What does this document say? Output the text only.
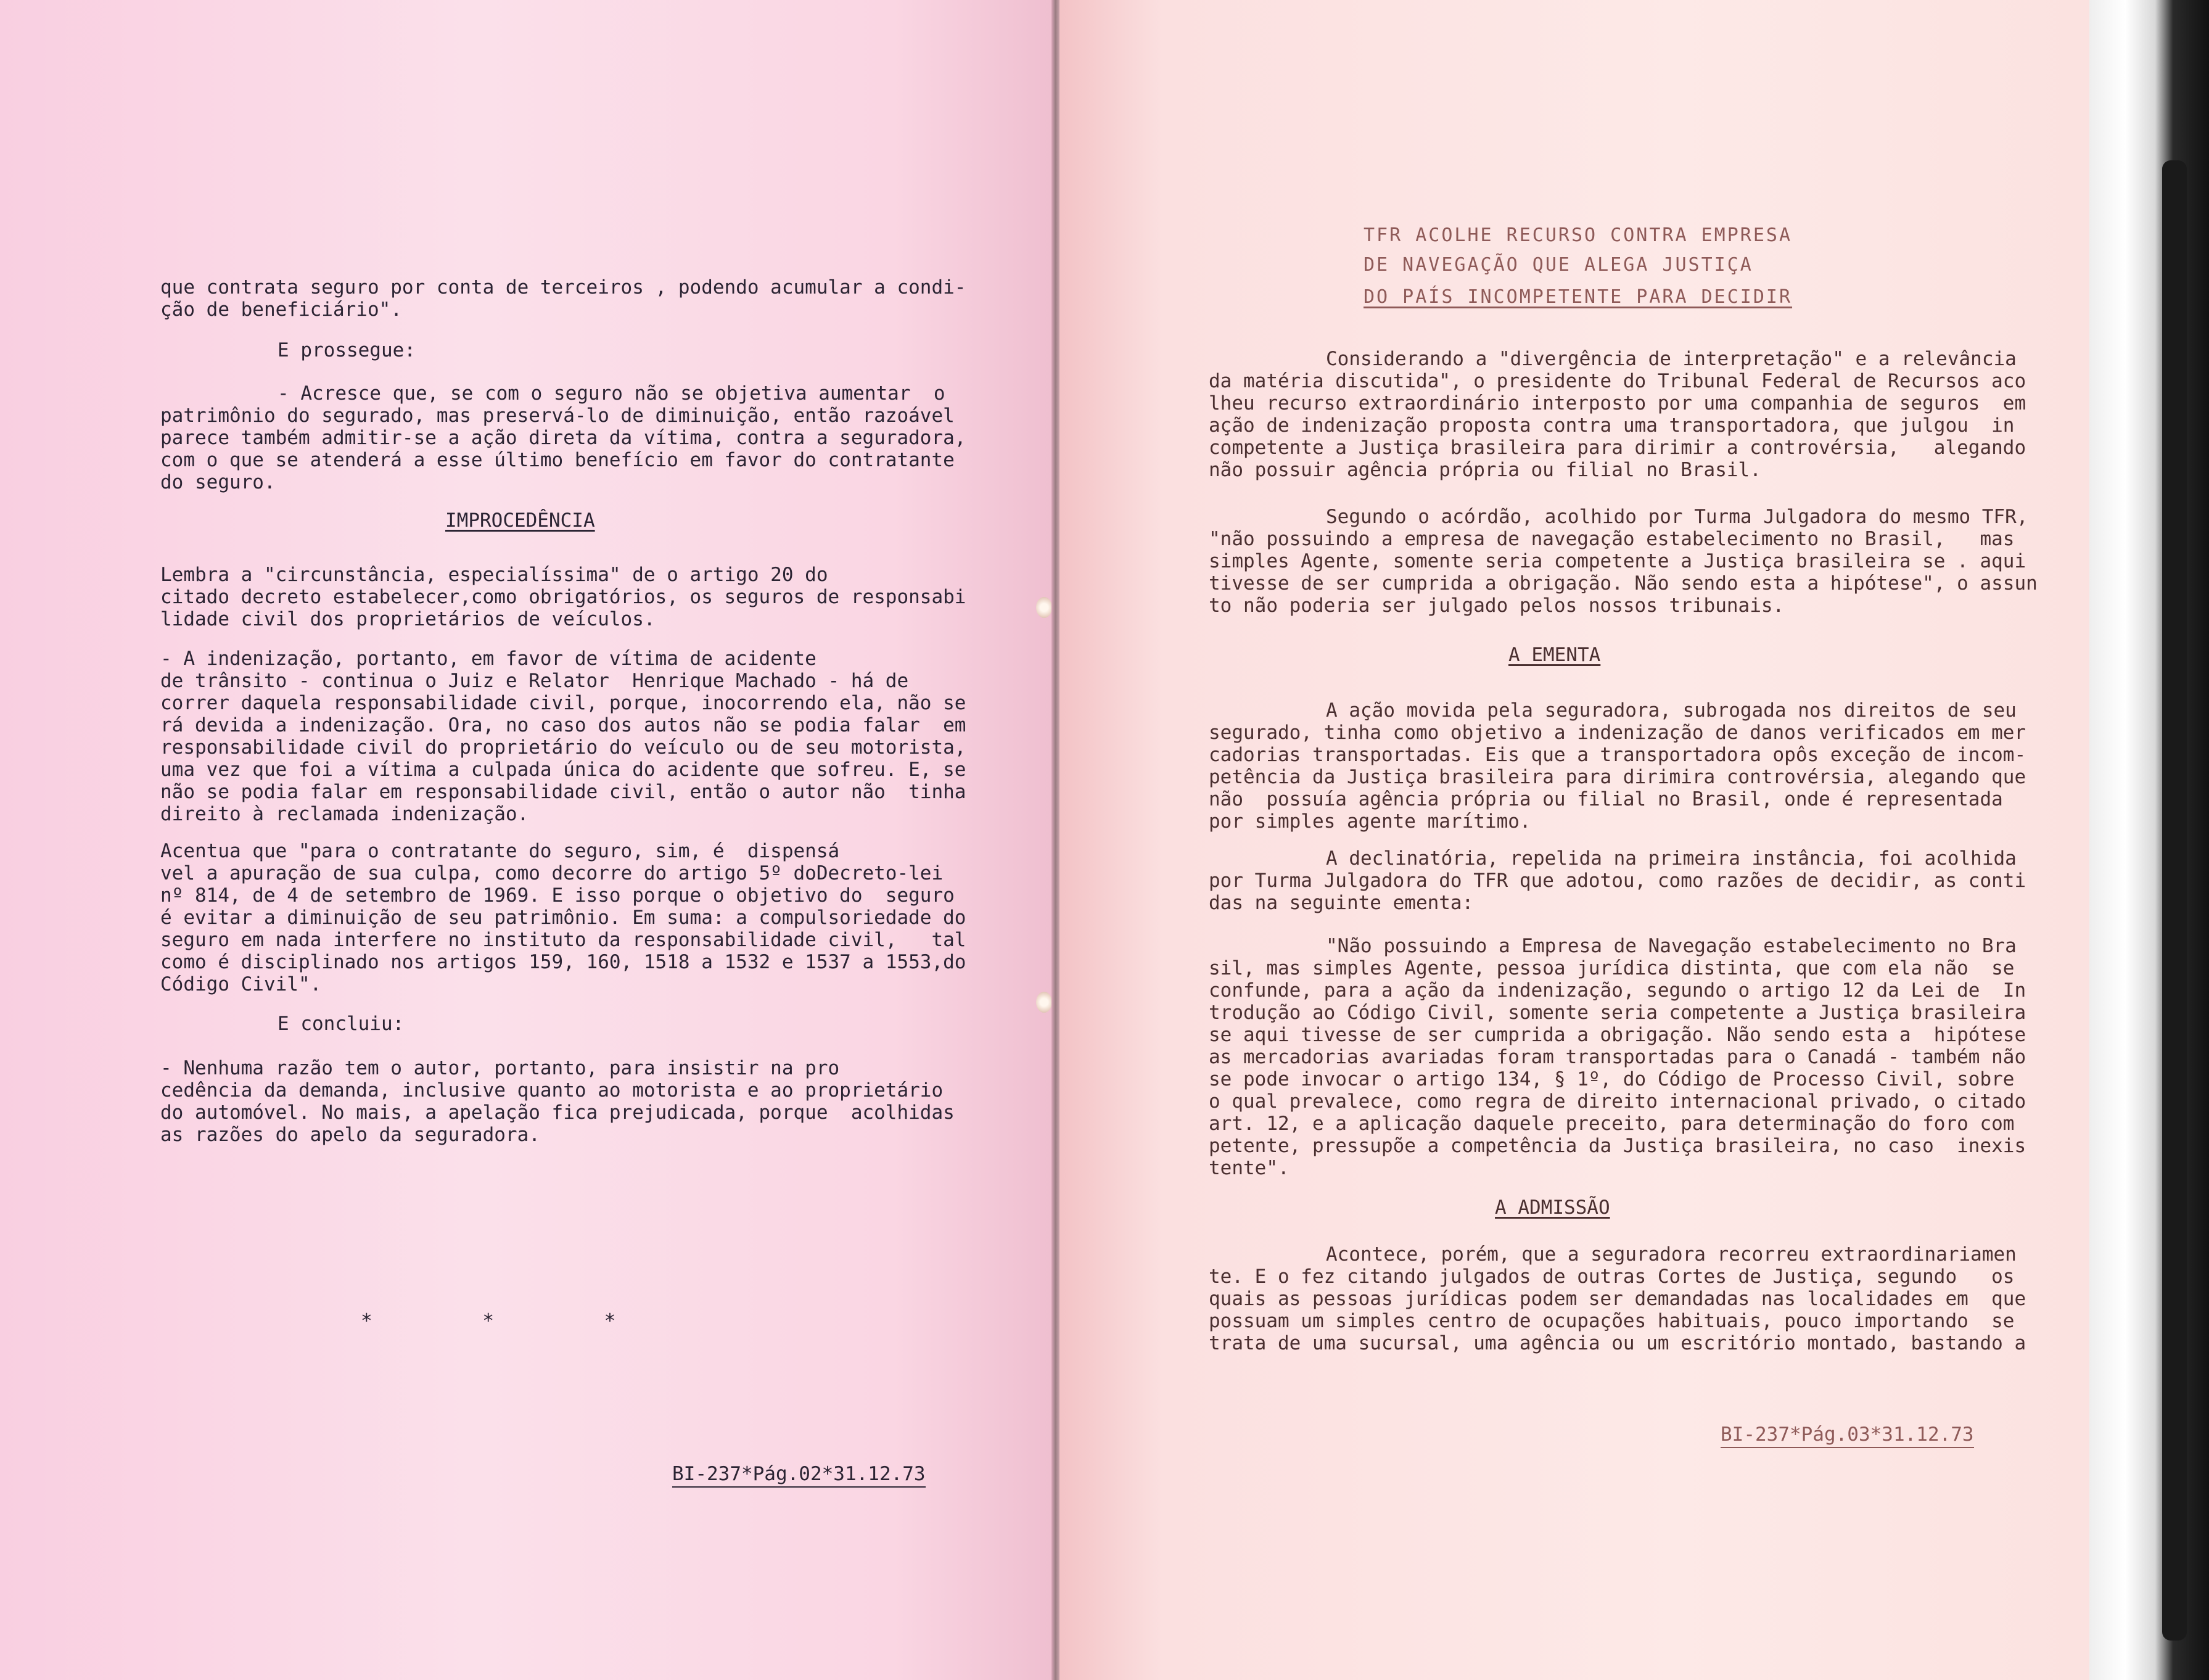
que contrata seguro por conta de terceiros , podendo acumular a condi-
ção de beneficiário".

E prossegue:

- Acresce que, se com o seguro não se objetiva aumentar  o
patrimônio do segurado, mas preservá-lo de diminuição, então razoável
parece também admitir-se a ação direta da vítima, contra a seguradora,
com o que se atenderá a esse último benefício em favor do contratante
do seguro.

IMPROCEDÊNCIA

Lembra a "circunstância, especialíssima" de o artigo 20 do
citado decreto estabelecer,como obrigatórios, os seguros de responsabi
lidade civil dos proprietários de veículos.

- A indenização, portanto, em favor de vítima de acidente
de trânsito - continua o Juiz e Relator  Henrique Machado - há de
correr daquela responsabilidade civil, porque, inocorrendo ela, não se
rá devida a indenização. Ora, no caso dos autos não se podia falar  em
responsabilidade civil do proprietário do veículo ou de seu motorista,
uma vez que foi a vítima a culpada única do acidente que sofreu. E, se
não se podia falar em responsabilidade civil, então o autor não  tinha
direito à reclamada indenização.

Acentua que "para o contratante do seguro, sim, é  dispensá
vel a apuração de sua culpa, como decorre do artigo 5º doDecreto-lei
nº 814, de 4 de setembro de 1969. E isso porque o objetivo do  seguro
é evitar a diminuição de seu patrimônio. Em suma: a compulsoriedade do
seguro em nada interfere no instituto da responsabilidade civil,   tal
como é disciplinado nos artigos 159, 160, 1518 a 1532 e 1537 a 1553,do
Código Civil".

E concluiu:

- Nenhuma razão tem o autor, portanto, para insistir na pro
cedência da demanda, inclusive quanto ao motorista e ao proprietário
do automóvel. No mais, a apelação fica prejudicada, porque  acolhidas
as razões do apelo da seguradora.

* * *

BI-237*Pág.02*31.12.73

TFR ACOLHE RECURSO CONTRA EMPRESA

DE NAVEGAÇÃO QUE ALEGA JUSTIÇA

DO PAÍS INCOMPETENTE PARA DECIDIR

Considerando a "divergência de interpretação" e a relevância
da matéria discutida", o presidente do Tribunal Federal de Recursos aco
lheu recurso extraordinário interposto por uma companhia de seguros  em
ação de indenização proposta contra uma transportadora, que julgou  in
competente a Justiça brasileira para dirimir a controvérsia,   alegando
não possuir agência própria ou filial no Brasil.

Segundo o acórdão, acolhido por Turma Julgadora do mesmo TFR,
"não possuindo a empresa de navegação estabelecimento no Brasil,   mas
simples Agente, somente seria competente a Justiça brasileira se . aqui
tivesse de ser cumprida a obrigação. Não sendo esta a hipótese", o assun
to não poderia ser julgado pelos nossos tribunais.

A EMENTA

A ação movida pela seguradora, subrogada nos direitos de seu
segurado, tinha como objetivo a indenização de danos verificados em mer
cadorias transportadas. Eis que a transportadora opôs exceção de incom-
petência da Justiça brasileira para dirimira controvérsia, alegando que
não  possuía agência própria ou filial no Brasil, onde é representada
por simples agente marítimo.

A declinatória, repelida na primeira instância, foi acolhida
por Turma Julgadora do TFR que adotou, como razões de decidir, as conti
das na seguinte ementa:

"Não possuindo a Empresa de Navegação estabelecimento no Bra
sil, mas simples Agente, pessoa jurídica distinta, que com ela não  se
confunde, para a ação da indenização, segundo o artigo 12 da Lei de  In
trodução ao Código Civil, somente seria competente a Justiça brasileira
se aqui tivesse de ser cumprida a obrigação. Não sendo esta a  hipótese
as mercadorias avariadas foram transportadas para o Canadá - também não
se pode invocar o artigo 134, § 1º, do Código de Processo Civil, sobre
o qual prevalece, como regra de direito internacional privado, o citado
art. 12, e a aplicação daquele preceito, para determinação do foro com
petente, pressupõe a competência da Justiça brasileira, no caso  inexis
tente".

A ADMISSÃO

Acontece, porém, que a seguradora recorreu extraordinariamen
te. E o fez citando julgados de outras Cortes de Justiça, segundo   os
quais as pessoas jurídicas podem ser demandadas nas localidades em  que
possuam um simples centro de ocupações habituais, pouco importando  se
trata de uma sucursal, uma agência ou um escritório montado, bastando a

BI-237*Pág.03*31.12.73
